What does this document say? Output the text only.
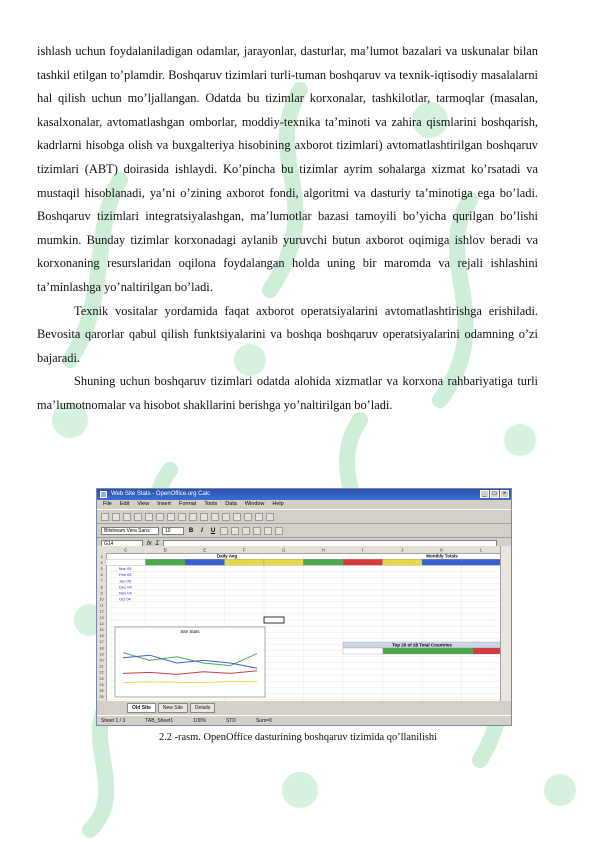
ishlash uchun foydalaniladigan odamlar, jarayonlar, dasturlar, ma’lumot bazalari va uskunalar bilan tashkil etilgan to’plamdir. Boshqaruv tizimlari turli-tuman boshqaruv va texnik-iqtisodiy masalalarni hal qilish uchun mo’ljallangan. Odatda bu tizimlar korxonalar, tashkilotlar, tarmoqlar (masalan, kasalxonalar, avtomatlashgan omborlar, moddiy-texnika ta’minoti va zahira qismlarini boshqarish, kadrlarni hisobga olish va buxgalteriya hisobining axborot tizimlari) avtomatlashtirilgan boshqaruv tizimlari (ABT) doirasida ishlaydi. Ko’pincha bu tizimlar ayrim sohalarga xizmat ko’rsatadi va mustaqil hisoblanadi, ya’ni o’zining axborot fondi, algoritmi va dasturiy ta’minotiga ega bo’ladi. Boshqaruv tizimlari integratsiyalashgan, ma’lumotlar bazasi tamoyili bo’yicha qurilgan bo’lishi mumkin. Bunday tizimlar korxonadagi aylanib yuruvchi butun axborot oqimiga ishlov beradi va korxonaning resurslaridan oqilona foydalangan holda uning bir maromda va rejali ishlashini ta’minlashga yo’naltirilgan bo’ladi.

Texnik vositalar yordamida faqat axborot operatsiyalarini avtomatlashtirishga erishiladi. Bevosita qarorlar qabul qilish funktsiyalarini va boshqa boshqaruv operatsiyalarini odamning o’zi bajaradi.

Shuning uchun boshqaruv tizimlari odatda alohida xizmatlar va korxona rahbariyatiga turli ma’lumotnomalar va hisobot shakllarini berishga yo’naltirilgan bo’ladi.

Web Site Stats - OpenOffice.org Calc	_	□	×
File Edit View Insert Format Tools Data Window Help
Bitstream Vera Sans	10	B	I	U
G14	fx Σ
C	D	E	F	G	H	I	J	K	L
3
4
5
6
7
8
9
10
11
12
13
14
15
16
17
18
19
20
21
22
23
24
25
26
Daily Avg	Monthly Totals
Mar 05
Feb 05
Jan 05
Dec 04
Nov 04
Oct 04
Site Stats
Top 20 of 28 Total Countries
Old Site	New Site	Details
Sheet 1 / 3	TAB_Sheet1	100%	STD	Sum=0
2.2 -rasm. OpenOffice dasturining boshqaruv tizimida qo’llanilishi
